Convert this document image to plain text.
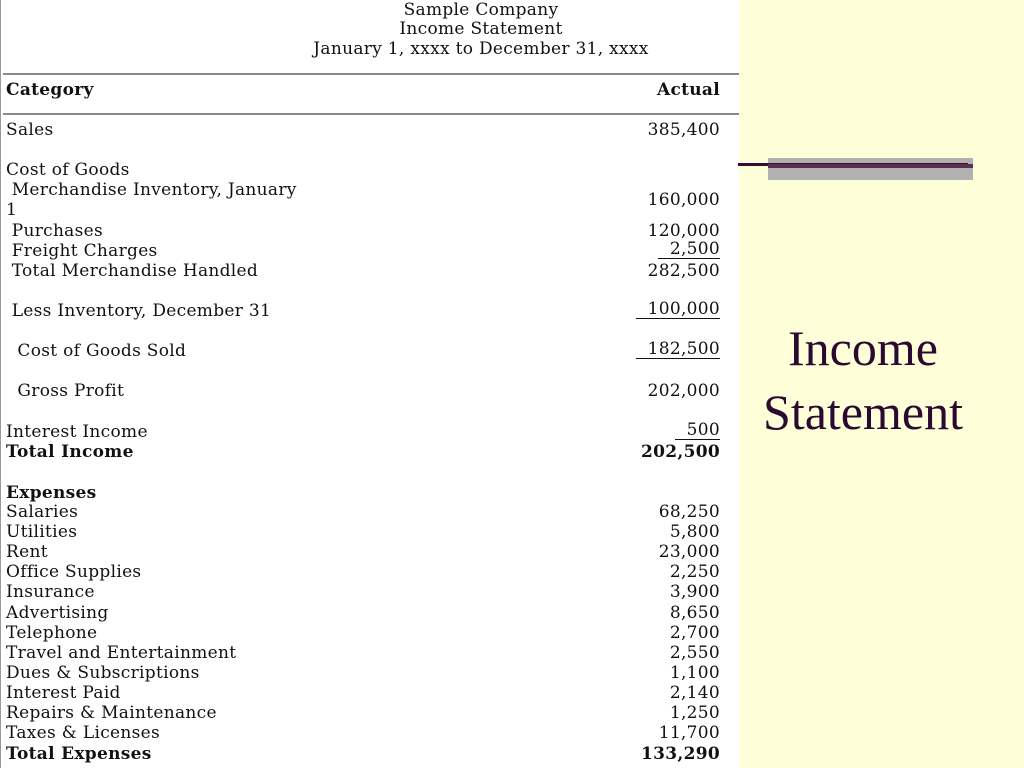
Sample Company
Income Statement
January 1, xxxx to December 31, xxxx
Category	Actual
Sales	385,400
Cost of Goods
Merchandise Inventory, January
1	160,000
Purchases	120,000
Freight Charges	2,500
Total Merchandise Handled	282,500
Less Inventory, December 31	100,000
Cost of Goods Sold	182,500
Gross Profit	202,000
Interest Income	500
Total Income	202,500
Expenses
Salaries	68,250
Utilities	5,800
Rent	23,000
Office Supplies	2,250
Insurance	3,900
Advertising	8,650
Telephone	2,700
Travel and Entertainment	2,550
Dues & Subscriptions	1,100
Interest Paid	2,140
Repairs & Maintenance	1,250
Taxes & Licenses	11,700
Total Expenses	133,290
Income
Statement
